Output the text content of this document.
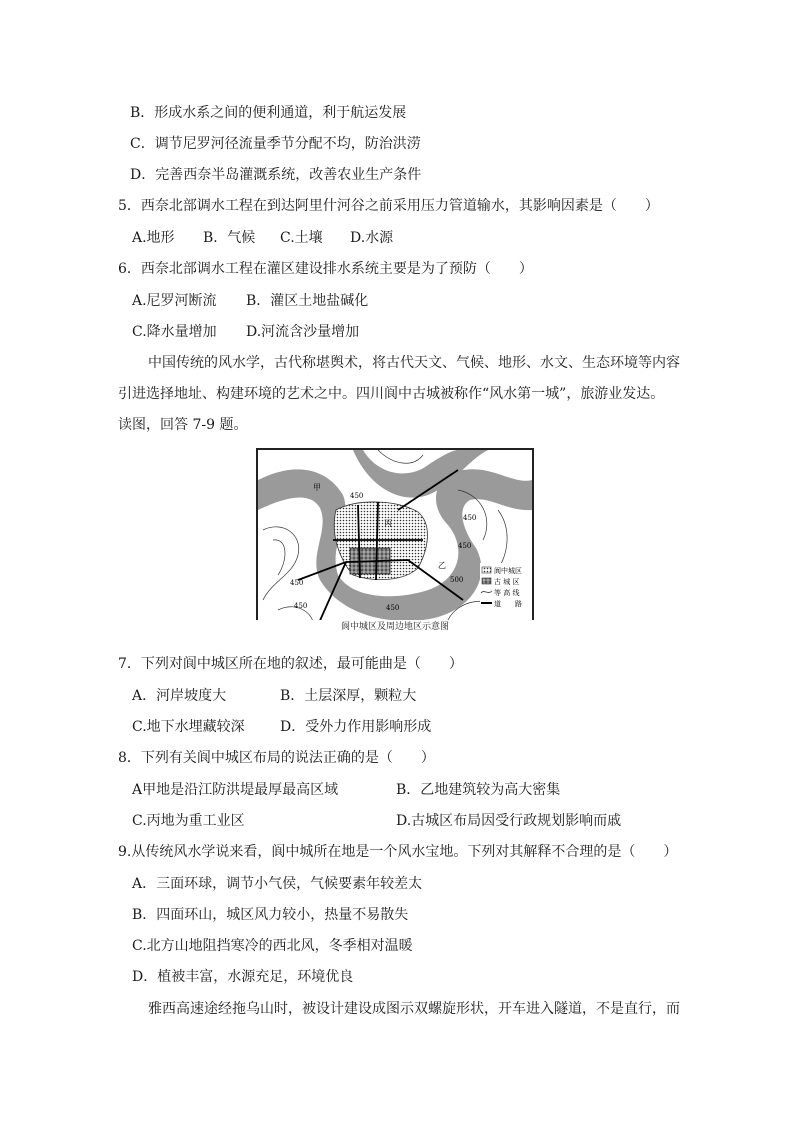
B．形成水系之间的便利通道，利于航运发展
C．调节尼罗河径流量季节分配不均，防治洪涝
D．完善西奈半岛灌溉系统，改善农业生产条件
5．西奈北部调水工程在到达阿里什河谷之前采用压力管道输水，其影响因素是（　　）
A.地形 B．气候 C.土壤 D.水源
6．西奈北部调水工程在灌区建设排水系统主要是为了预防（　　）
A.尼罗河断流 B．灌区土地盐碱化
C.降水量增加 D.河流含沙量增加
中国传统的风水学，古代称堪舆术，将古代天文、气候、地形、水文、生态环境等内容
引进选择地址、构建环境的艺术之中。四川阆中古城被称作“风水第一城”，旅游业发达。
读图，回答 7-9 题。
阆中城区
古 城 区
等 高 线
道　　路
甲
乙
丙
450
450
450
450
450
450
500
阆中城区及周边地区示意图
7．下列对阆中城区所在地的叙述，最可能曲是（　　）
A．河岸坡度大	B．土层深厚，颗粒大
C.地下水埋藏较深	D．受外力作用影响形成
8．下列有关阆中城区布局的说法正确的是（　　）
A甲地是沿江防洪堤最厚最高区域	B．乙地建筑较为高大密集
C.丙地为重工业区	D.古城区布局因受行政规划影响而戚
9.从传统风水学说来看，阆中城所在地是一个风水宝地。下列对其解释不合理的是（　　）
A．三面环球，调节小气侯，气候要素年较差太
B．四面环山，城区风力较小，热量不易散失
C.北方山地阻挡寒冷的西北风，冬季相对温暖
D．植被丰富，水源充足，环境优良
雅西高速途经拖乌山时，被设计建设成图示双螺旋形状，开车进入隧道，不是直行，而
